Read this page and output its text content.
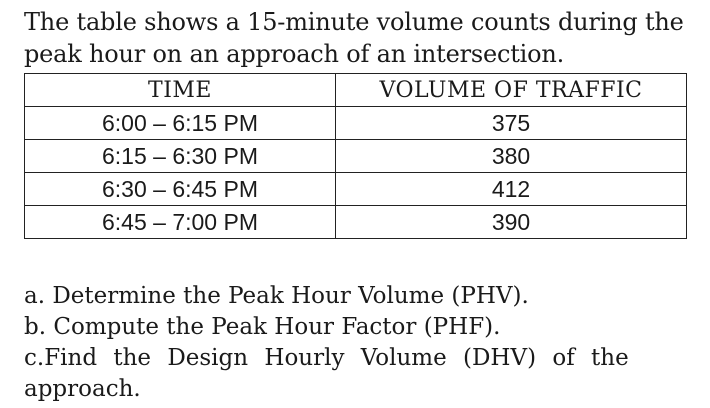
The table shows a 15-minute volume counts during the
peak hour on an approach of an intersection.

TIME	VOLUME OF TRAFFIC
6:00 – 6:15 PM	375
6:15 – 6:30 PM	380
6:30 – 6:45 PM	412
6:45 – 7:00 PM	390
a. Determine the Peak Hour Volume (PHV).
b. Compute the Peak Hour Factor (PHF).
c.Find the Design Hourly Volume (DHV) of the
approach.
